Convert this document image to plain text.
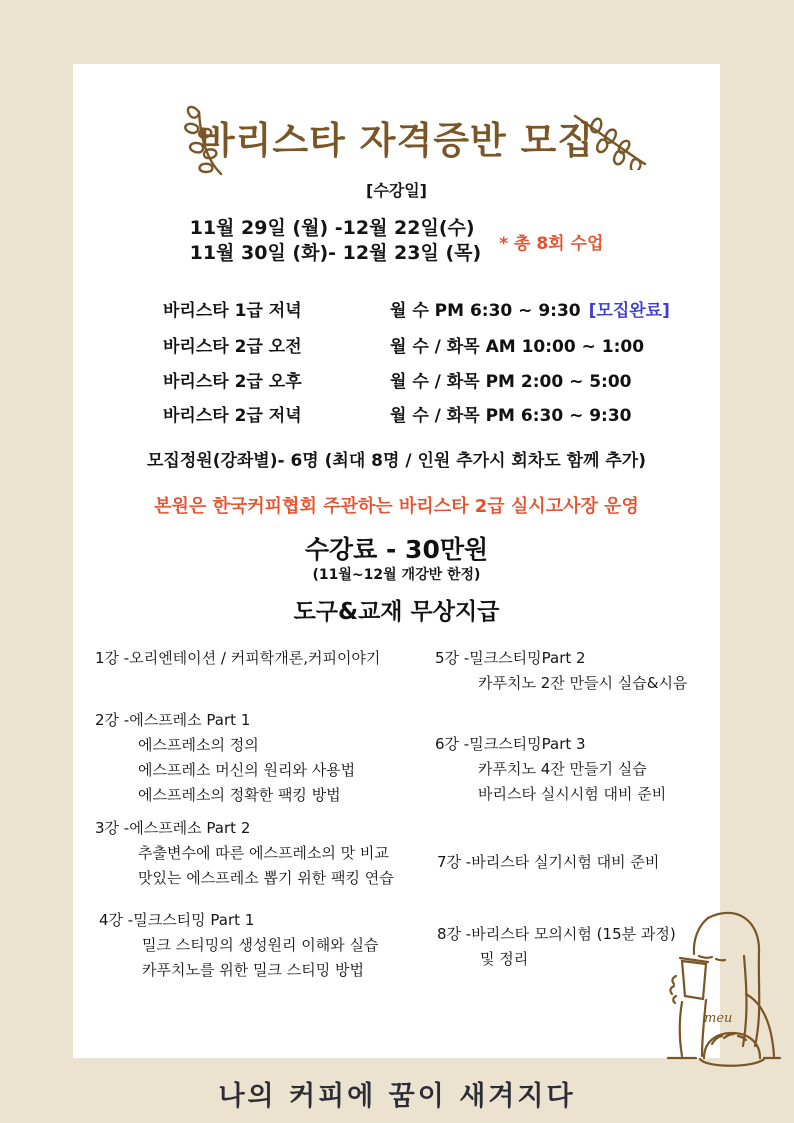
바리스타 자격증반 모집
[수강일]
11월 29일 (월) -12월 22일(수)
11월 30일 (화)- 12월 23일 (목) * 총 8회 수업
바리스타 1급 저녁	월 수 PM 6:30 ~ 9:30 [모집완료]
바리스타 2급 오전	월 수 / 화목 AM 10:00 ~ 1:00
바리스타 2급 오후	월 수 / 화목 PM 2:00 ~ 5:00
바리스타 2급 저녁	월 수 / 화목 PM 6:30 ~ 9:30
모집정원(강좌별)- 6명 (최대 8명 / 인원 추가시 회차도 함께 추가)
본원은 한국커피협회 주관하는 바리스타 2급 실시고사장 운영
수강료 - 30만원
(11월~12월 개강반 한정)
도구&교재 무상지급
1강 -오리엔테이션 / 커피학개론,커피이야기
2강 -에스프레소 Part 1
에스프레소의 정의
에스프레소 머신의 원리와 사용법
에스프레소의 정확한 팩킹 방법
3강 -에스프레소 Part 2
추출변수에 따른 에스프레소의 맛 비교
맛있는 에스프레소 뽑기 위한 팩킹 연습
4강 -밀크스티밍 Part 1
밀크 스티밍의 생성원리 이해와 실습
카푸치노를 위한 밀크 스티밍 방법
5강 -밀크스티밍Part 2
카푸치노 2잔 만들시 실습&시음
6강 -밀크스티밍Part 3
카푸치노 4잔 만들기 실습
바리스타 실시시험 대비 준비
7강 -바리스타 실기시험 대비 준비
8강 -바리스타 모의시험 (15분 과정)
및 정리
meu
나의 커피에 꿈이 새겨지다
